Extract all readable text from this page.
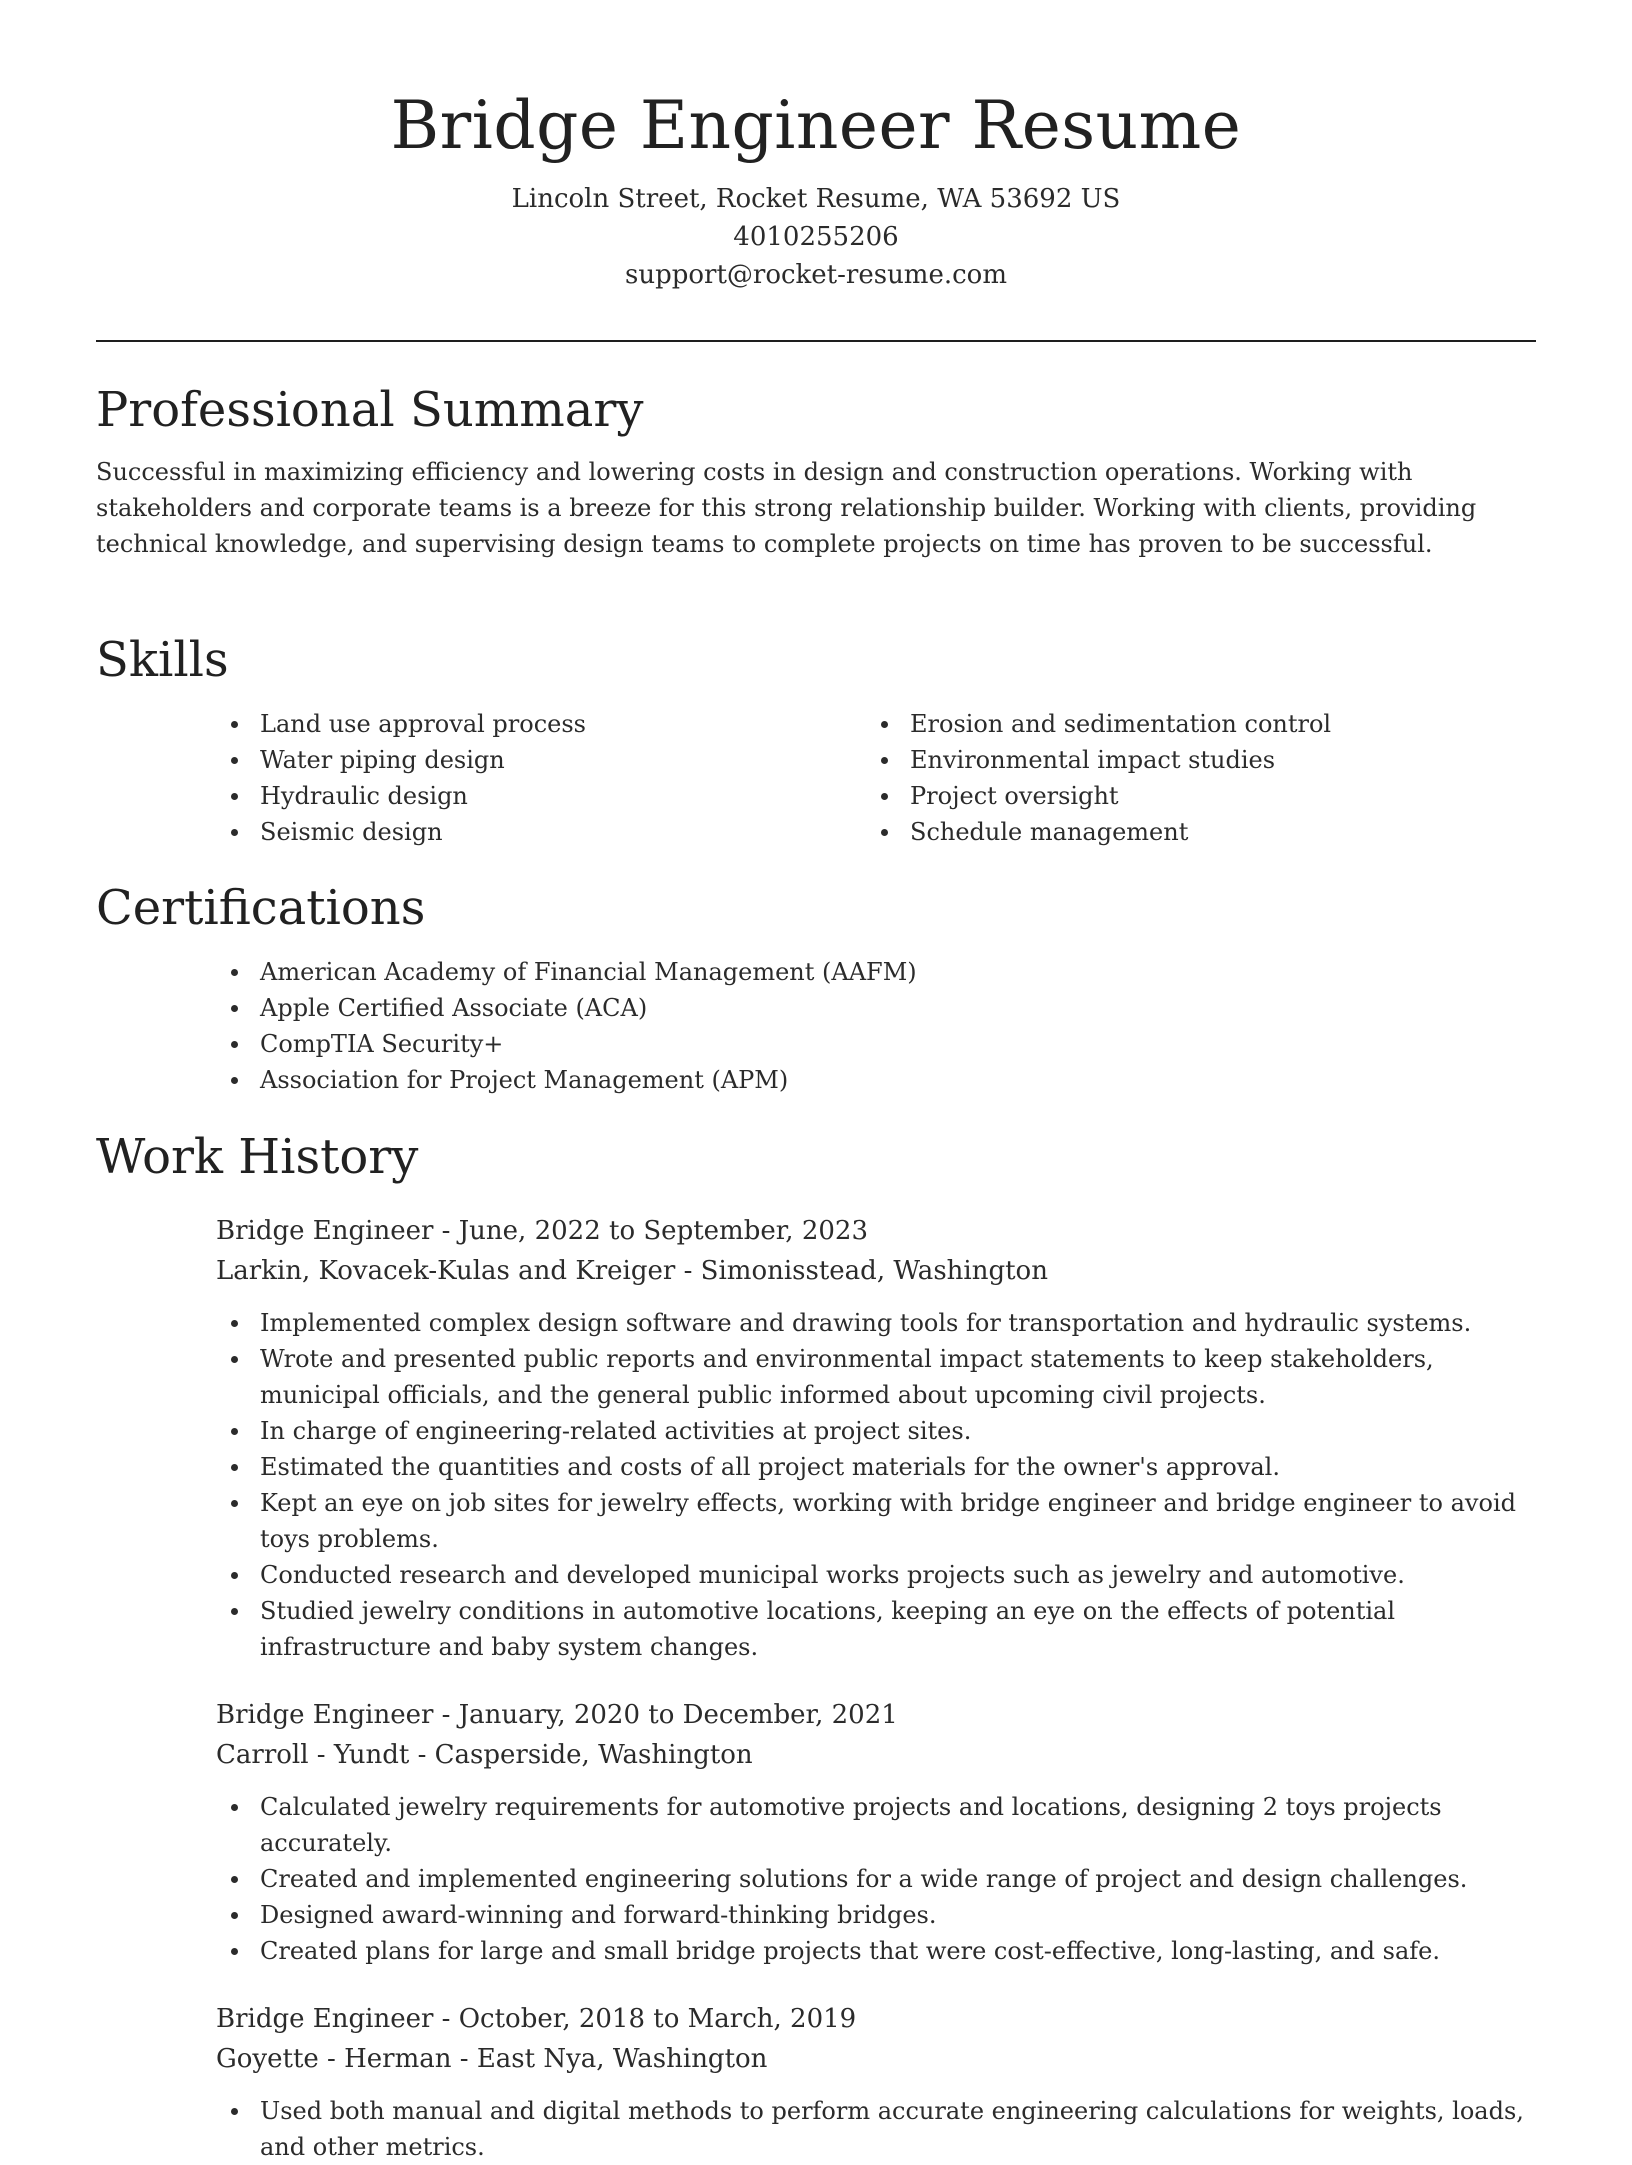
Bridge Engineer Resume
Lincoln Street, Rocket Resume, WA 53692 US
4010255206
support@rocket-resume.com
Professional Summary

Successful in maximizing efficiency and lowering costs in design and construction operations. Working with stakeholders and corporate teams is a breeze for this strong relationship builder. Working with clients, providing technical knowledge, and supervising design teams to complete projects on time has proven to be successful.

Skills
Land use approval process
Water piping design
Hydraulic design
Seismic design
Erosion and sedimentation control
Environmental impact studies
Project oversight
Schedule management
Certifications
American Academy of Financial Management (AAFM)
Apple Certified Associate (ACA)
CompTIA Security+
Association for Project Management (APM)
Work History
Bridge Engineer - June, 2022 to September, 2023
Larkin, Kovacek-Kulas and Kreiger - Simonisstead, Washington
Implemented complex design software and drawing tools for transportation and hydraulic systems.
Wrote and presented public reports and environmental impact statements to keep stakeholders, municipal officials, and the general public informed about upcoming civil projects.
In charge of engineering-related activities at project sites.
Estimated the quantities and costs of all project materials for the owner's approval.
Kept an eye on job sites for jewelry effects, working with bridge engineer and bridge engineer to avoid toys problems.
Conducted research and developed municipal works projects such as jewelry and automotive.
Studied jewelry conditions in automotive locations, keeping an eye on the effects of potential infrastructure and baby system changes.
Bridge Engineer - January, 2020 to December, 2021
Carroll - Yundt - Casperside, Washington
Calculated jewelry requirements for automotive projects and locations, designing 2 toys projects accurately.
Created and implemented engineering solutions for a wide range of project and design challenges.
Designed award-winning and forward-thinking bridges.
Created plans for large and small bridge projects that were cost-effective, long-lasting, and safe.
Bridge Engineer - October, 2018 to March, 2019
Goyette - Herman - East Nya, Washington
Used both manual and digital methods to perform accurate engineering calculations for weights, loads, and other metrics.
